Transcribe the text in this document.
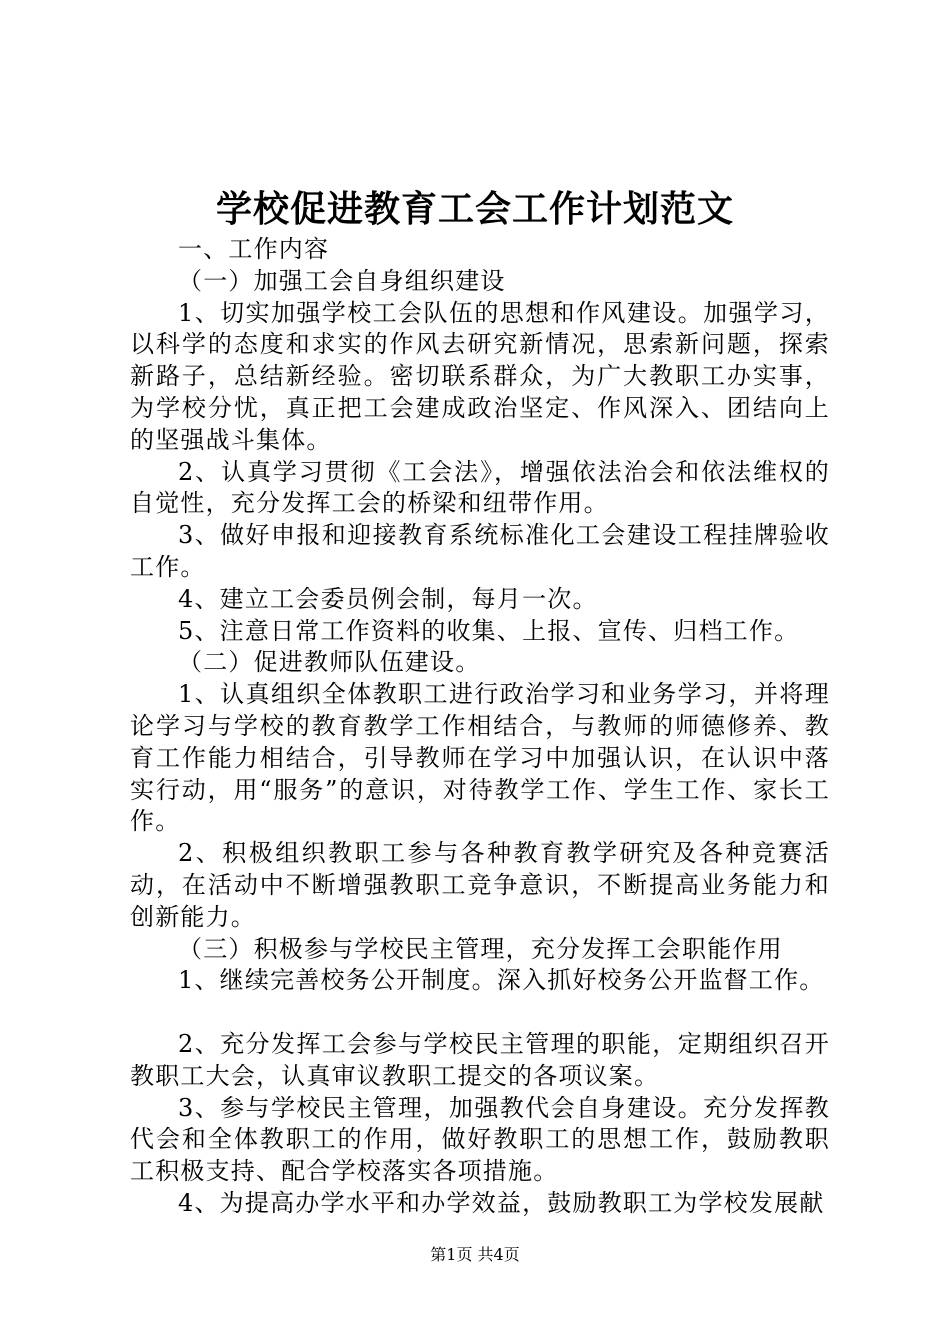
学校促进教育工会工作计划范文

一、工作内容

（一）加强工会自身组织建设

1、切实加强学校工会队伍的思想和作风建设。加强学习，以科学的态度和求实的作风去研究新情况，思索新问题，探索新路子，总结新经验。密切联系群众，为广大教职工办实事，为学校分忧，真正把工会建成政治坚定、作风深入、团结向上的坚强战斗集体。

2、认真学习贯彻《工会法》，增强依法治会和依法维权的自觉性，充分发挥工会的桥梁和纽带作用。

3、做好申报和迎接教育系统标准化工会建设工程挂牌验收工作。

4、建立工会委员例会制，每月一次。

5、注意日常工作资料的收集、上报、宣传、归档工作。

（二）促进教师队伍建设。

1、认真组织全体教职工进行政治学习和业务学习，并将理论学习与学校的教育教学工作相结合，与教师的师德修养、教育工作能力相结合，引导教师在学习中加强认识，在认识中落实行动，用“服务”的意识，对待教学工作、学生工作、家长工作。

2、积极组织教职工参与各种教育教学研究及各种竞赛活动，在活动中不断增强教职工竞争意识，不断提高业务能力和创新能力。

（三）积极参与学校民主管理，充分发挥工会职能作用

1、继续完善校务公开制度。深入抓好校务公开监督工作。

2、充分发挥工会参与学校民主管理的职能，定期组织召开教职工大会，认真审议教职工提交的各项议案。

3、参与学校民主管理，加强教代会自身建设。充分发挥教代会和全体教职工的作用，做好教职工的思想工作，鼓励教职工积极支持、配合学校落实各项措施。

4、为提高办学水平和办学效益，鼓励教职工为学校发展献

第1页 共4页
